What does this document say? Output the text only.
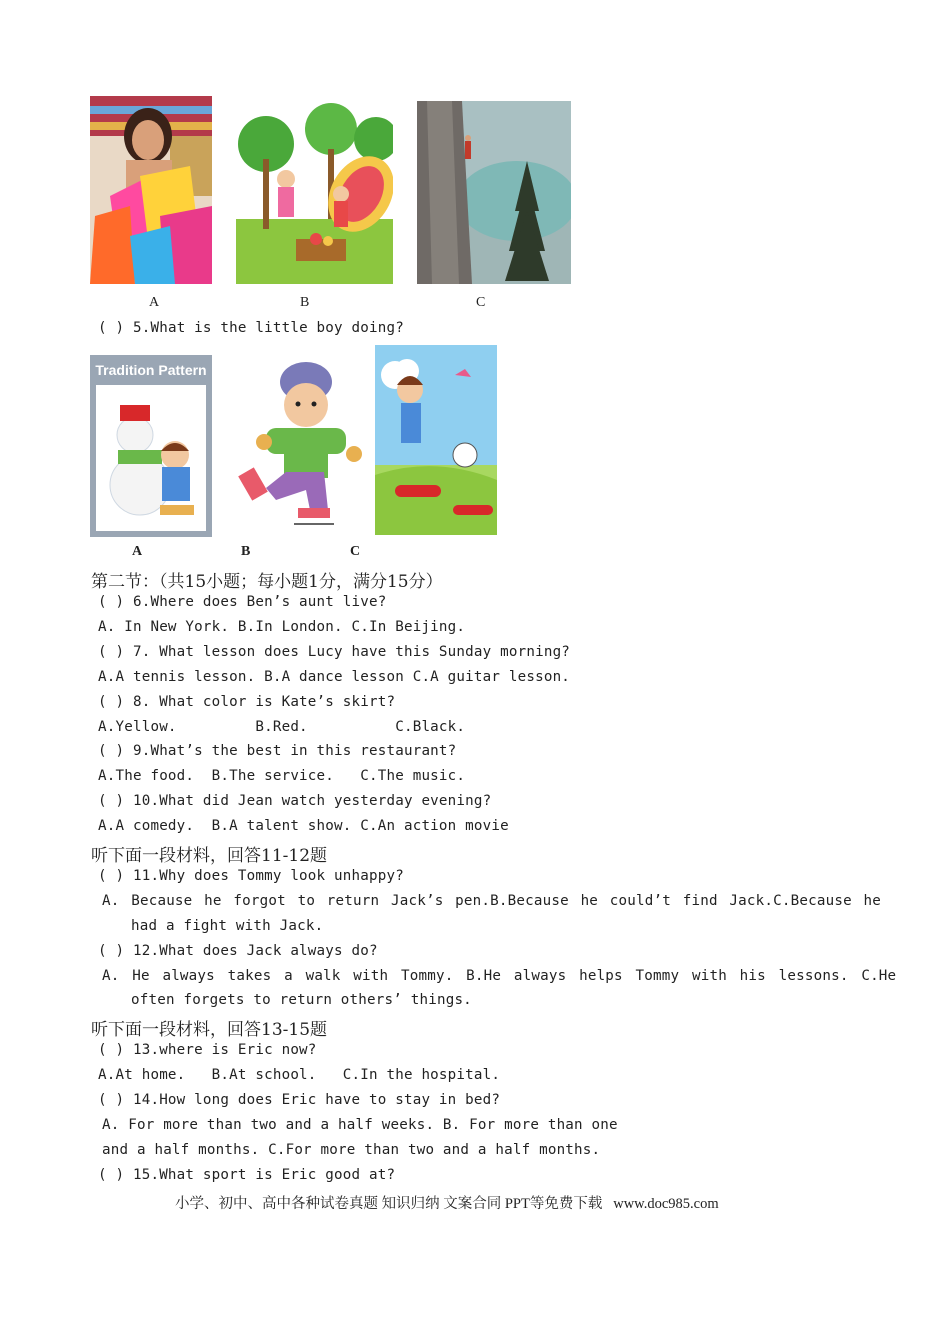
A	B	C
( ) 5.What is the little boy doing?
Tradition Pattern
A	B	C
第二节：（共15小题；每小题1分，满分15分）
( ) 6.Where does Ben’s aunt live?
A. In New York. B.In London. C.In Beijing.
( ) 7. What lesson does Lucy have this Sunday morning?
A.A tennis lesson. B.A dance lesson C.A guitar lesson.
( ) 8. What color is Kate’s skirt?
A.Yellow.         B.Red.          C.Black.
( ) 9.What’s the best in this restaurant?
A.The food.  B.The service.   C.The music.
( ) 10.What did Jean watch yesterday evening?
A.A comedy.  B.A talent show. C.An action movie
听下面一段材料，回答11-12题
( ) 11.Why does Tommy look unhappy?
A. Because he forgot to return Jack’s pen.B.Because he could’t find Jack.C.Because he
had a fight with Jack.
( ) 12.What does Jack always do?
A. He always takes a walk with Tommy. B.He always helps Tommy with his lessons. C.He
often forgets to return others’ things.
听下面一段材料，回答13-15题
( ) 13.where is Eric now?
A.At home.   B.At school.   C.In the hospital.
( ) 14.How long does Eric have to stay in bed?
A. For more than two and a half weeks. B. For more than one
and a half months. C.For more than two and a half months.
( ) 15.What sport is Eric good at?
小学、初中、高中各种试卷真题 知识归纳 文案合同 PPT等免费下载   www.doc985.com
